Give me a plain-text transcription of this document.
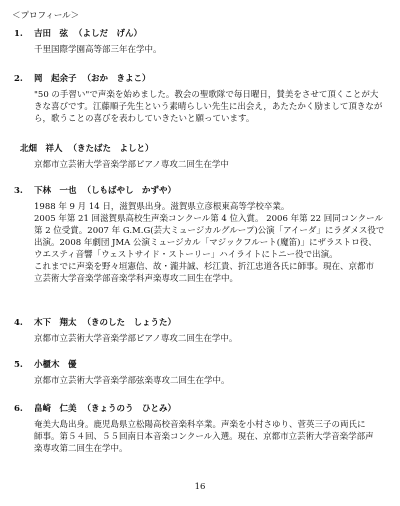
＜プロフィール＞
1. 吉田　弦 （よしだ　げん）

千里国際学園高等部三年在学中。

2. 岡　起余子 （おか　きよこ）

"50 の手習い"で声楽を始めました。教会の聖歌隊で毎日曜日，賛美をさせて頂くことが大

きな喜びです。江藤順子先生という素晴らしい先生に出会え，あたたかく励まして頂きなが

ら，歌うことの喜びを表わしていきたいと願っています。

北畑　祥人 （きたばた　よしと）

京都市立芸術大学音楽学部ピアノ専攻二回生在学中

3. 下林　一也 （しもばやし　かずや）

1988 年 9 月 14 日，滋賀県出身。滋賀県立彦根東高等学校卒業。

2005 年第 21 回滋賀県高校生声楽コンクール第 4 位入賞。 2006 年第 22 回同コンクール

第 2 位受賞。2007 年 G.M.G(芸大ミュージカルグループ)公演「アイーダ」にラダメス役で

出演。2008 年劇団 JMA 公演ミュージカル「マジックフルート(魔笛)」にザラストロ役、

ウエスティ音響「ウェストサイド・ストーリー」ハイライトにトニー役で出演。

これまでに声楽を野々垣憲信、故・瀧井誠、杉江貴、折江忠道各氏に師事。現在、京都市

立芸術大学音楽学部音楽学科声楽専攻二回生在学中。

4. 木下　翔太 （きのした　しょうた）

京都市立芸術大学音楽学部ピアノ専攻二回生在学中。

5. 小櫃木　優

京都市立芸術大学音楽学部弦楽専攻二回生在学中。

6. 畠崎　仁美 （きょうのう　ひとみ）

奄美大島出身。鹿児島県立松陽高校音楽科卒業。声楽を小村さゆり、菅英三子の両氏に

師事。第５４回、５５回南日本音楽コンクール入選。現在、京都市立芸術大学音楽学部声

楽専攻第二回生在学中。

16
